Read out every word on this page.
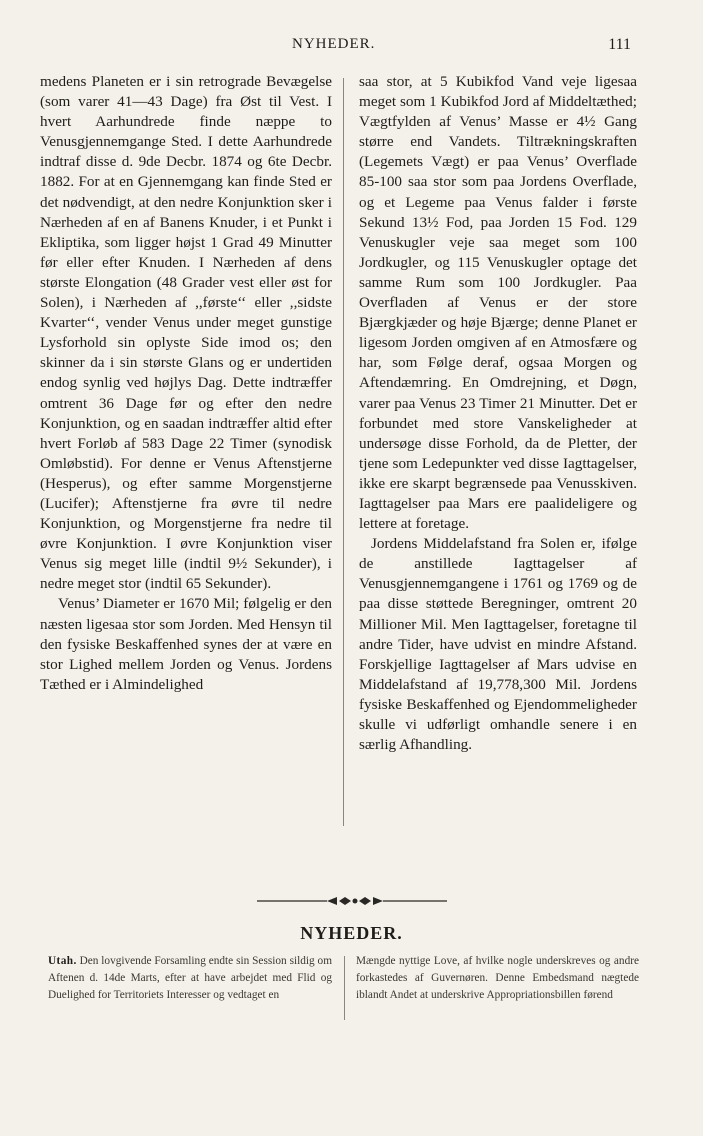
NYHEDER.	111

medens Planeten er i sin retrograde Bevægelse (som varer 41—43 Dage) fra Øst til Vest. I hvert Aarhundrede finde næppe to Venusgjennemgange Sted. I dette Aarhundrede indtraf disse d. 9de Decbr. 1874 og 6te Decbr. 1882. For at en Gjennemgang kan finde Sted er det nødvendigt, at den nedre Konjunktion sker i Nærheden af en af Banens Knuder, i et Punkt i Ekliptika, som ligger højst 1 Grad 49 Minutter før eller efter Knuden. I Nærheden af dens største Elongation (48 Grader vest eller øst for Solen), i Nærheden af ,,første‘‘ eller ,,sidste Kvarter‘‘, vender Venus under meget gunstige Lysforhold sin oplyste Side imod os; den skinner da i sin største Glans og er undertiden endog synlig ved højlys Dag. Dette indtræffer omtrent 36 Dage før og efter den nedre Konjunktion, og en saadan indtræffer altid efter hvert Forløb af 583 Dage 22 Timer (synodisk Omløbstid). For denne er Venus Aftenstjerne (Hesperus), og efter samme Morgenstjerne (Lucifer); Aftenstjerne fra øvre til nedre Konjunktion, og Morgenstjerne fra nedre til øvre Konjunktion. I øvre Konjunktion viser Venus sig meget lille (indtil 9½ Sekunder), i nedre meget stor (indtil 65 Sekunder).

Venus’ Diameter er 1670 Mil; følgelig er den næsten ligesaa stor som Jorden. Med Hensyn til den fysiske Beskaffenhed synes der at være en stor Lighed mellem Jorden og Venus. Jordens Tæthed er i Almindelighed

saa stor, at 5 Kubikfod Vand veje ligesaa meget som 1 Kubikfod Jord af Middeltæthed; Vægtfylden af Venus’ Masse er 4½ Gang større end Vandets. Tiltrækningskraften (Legemets Vægt) er paa Venus’ Overflade 85-100 saa stor som paa Jordens Overflade, og et Legeme paa Venus falder i første Sekund 13½ Fod, paa Jorden 15 Fod. 129 Venuskugler veje saa meget som 100 Jordkugler, og 115 Venuskugler optage det samme Rum som 100 Jordkugler. Paa Overfladen af Venus er der store Bjærgkjæder og høje Bjærge; denne Planet er ligesom Jorden omgiven af en Atmosfære og har, som Følge deraf, ogsaa Morgen og Aftendæmring. En Omdrejning, et Døgn, varer paa Venus 23 Timer 21 Minutter. Det er forbundet med store Vanskeligheder at undersøge disse Forhold, da de Pletter, der tjene som Ledepunkter ved disse Iagttagelser, ikke ere skarpt begrænsede paa Venusskiven. Iagttagelser paa Mars ere paalideligere og lettere at foretage.

Jordens Middelafstand fra Solen er, ifølge de anstillede Iagttagelser af Venusgjennemgangene i 1761 og 1769 og de paa disse støttede Beregninger, omtrent 20 Millioner Mil. Men Iagttagelser, foretagne til andre Tider, have udvist en mindre Afstand. Forskjellige Iagttagelser af Mars udvise en Middelafstand af 19,778,300 Mil. Jordens fysiske Beskaffenhed og Ejendommeligheder skulle vi udførligt omhandle senere i en særlig Afhandling.

NYHEDER.

Utah. Den lovgivende Forsamling endte sin Session sildig om Aftenen d. 14de Marts, efter at have arbejdet med Flid og Duelighed for Territoriets Interesser og vedtaget en

Mængde nyttige Love, af hvilke nogle underskreves og andre forkastedes af Guvernøren. Denne Embedsmand nægtede iblandt Andet at underskrive Appropriationsbillen førend
